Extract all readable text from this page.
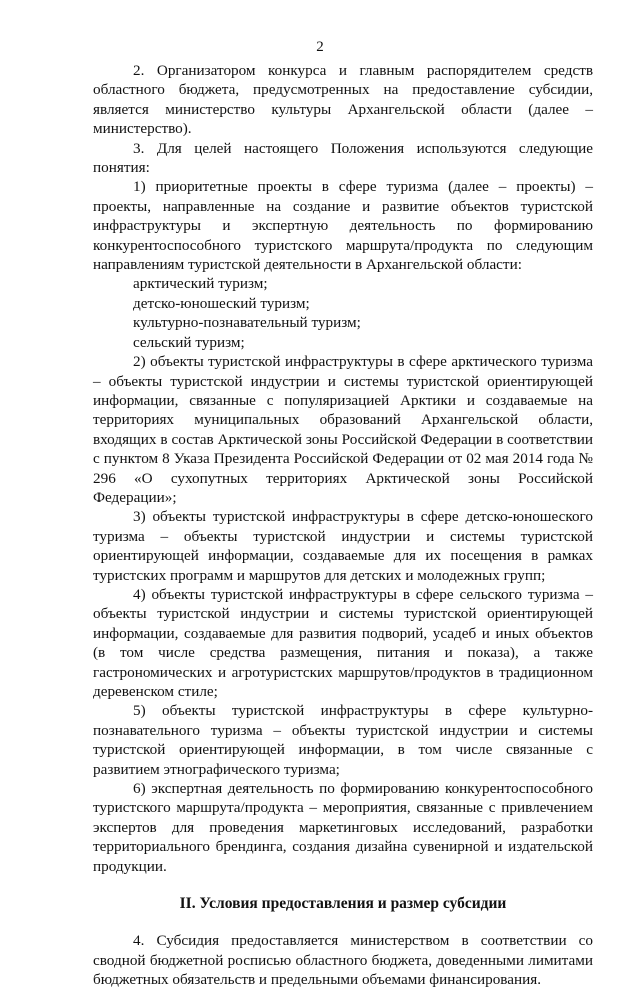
2

2. Организатором конкурса и главным распорядителем средств областного бюджета, предусмотренных на предоставление субсидии, является министерство культуры Архангельской области (далее – министерство).

3. Для целей настоящего Положения используются следующие понятия:

1) приоритетные проекты в сфере туризма (далее – проекты) – проекты, направленные на создание и развитие объектов туристской инфраструктуры и экспертную деятельность по формированию конкурентоспособного туристского маршрута/продукта по следующим направлениям туристской деятельности в Архангельской области:

арктический туризм;

детско-юношеский туризм;

культурно-познавательный туризм;

сельский туризм;

2) объекты туристской инфраструктуры в сфере арктического туризма – объекты туристской индустрии и системы туристской ориентирующей информации, связанные с популяризацией Арктики и создаваемые на территориях муниципальных образований Архангельской области, входящих в состав Арктической зоны Российской Федерации в соответствии с пунктом 8 Указа Президента Российской Федерации от 02 мая 2014 года № 296 «О сухопутных территориях Арктической зоны Российской Федерации»;

3) объекты туристской инфраструктуры в сфере детско-юношеского туризма – объекты туристской индустрии и системы туристской ориентирующей информации, создаваемые для их посещения в рамках туристских программ и маршрутов для детских и молодежных групп;

4) объекты туристской инфраструктуры в сфере сельского туризма – объекты туристской индустрии и системы туристской ориентирующей информации, создаваемые для развития подворий, усадеб и иных объектов (в том числе средства размещения, питания и показа), а также гастрономических и агротуристских маршрутов/продуктов в традиционном деревенском стиле;

5) объекты туристской инфраструктуры в сфере культурно-познавательного туризма – объекты туристской индустрии и системы туристской ориентирующей информации, в том числе связанные с развитием этнографического туризма;

6) экспертная деятельность по формированию конкурентоспособного туристского маршрута/продукта – мероприятия, связанные с привлечением экспертов для проведения маркетинговых исследований, разработки территориального брендинга, создания дизайна сувенирной и издательской продукции.

II. Условия предоставления и размер субсидии

4. Субсидия предоставляется министерством в соответствии со сводной бюджетной росписью областного бюджета, доведенными лимитами бюджетных обязательств и предельными объемами финансирования.
